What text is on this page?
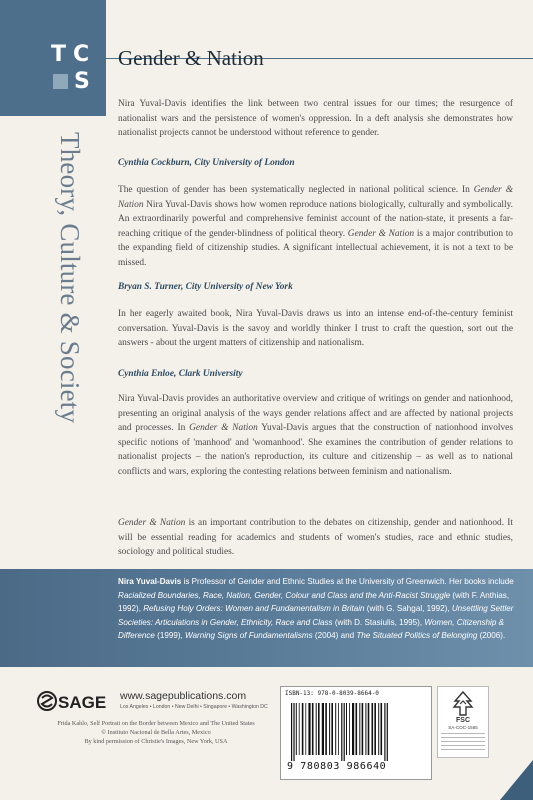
T C
S
Theory, Culture & Society
Gender & Nation

Nira Yuval-Davis identifies the link between two central issues for our times; the resurgence of nationalist wars and the persistence of women's oppression. In a deft analysis she demonstrates how nationalist projects cannot be understood without reference to gender.

Cynthia Cockburn, City University of London

The question of gender has been systematically neglected in national political science. In Gender & Nation Nira Yuval-Davis shows how women reproduce nations biologically, culturally and symbolically. An extraordinarily powerful and comprehensive feminist account of the nation-state, it presents a far-reaching critique of the gender-blindness of political theory. Gender & Nation is a major contribution to the expanding field of citizenship studies. A significant intellectual achievement, it is not a text to be missed.

Bryan S. Turner, City University of New York

In her eagerly awaited book, Nira Yuval-Davis draws us into an intense end-of-the-century feminist conversation. Yuval-Davis is the savoy and worldly thinker I trust to craft the question, sort out the answers - about the urgent matters of citizenship and nationalism.

Cynthia Enloe, Clark University

Nira Yuval-Davis provides an authoritative overview and critique of writings on gender and nationhood, presenting an original analysis of the ways gender relations affect and are affected by national projects and processes. In Gender & Nation Yuval-Davis argues that the construction of nationhood involves specific notions of 'manhood' and 'womanhood'. She examines the contribution of gender relations to nationalist projects – the nation's reproduction, its culture and citizenship – as well as to national conflicts and wars, exploring the contesting relations between feminism and nationalism.

Gender & Nation is an important contribution to the debates on citizenship, gender and nationhood. It will be essential reading for academics and students of women's studies, race and ethnic studies, sociology and political studies.

Nira Yuval-Davis is Professor of Gender and Ethnic Studies at the University of Greenwich. Her books include Racialized Boundaries, Race, Nation, Gender, Colour and Class and the Anti-Racist Struggle (with F. Anthias, 1992), Refusing Holy Orders: Women and Fundamentalism in Britain (with G. Sahgal, 1992), Unsettling Settler Societies: Articulations in Gender, Ethnicity, Race and Class (with D. Stasiulis, 1995), Women, Citizenship & Difference (1999), Warning Signs of Fundamentalisms (2004) and The Situated Politics of Belonging (2006).

SAGE www.sagepublications.com
Los Angeles • London • New Delhi • Singapore • Washington DC

Frida Kahlo, Self Portrait on the Border between Mexico and The United States
© Instituto Nacional de Bella Artes, Mexico
By kind permission of Christie's Images, New York, USA

ISBN-13: 978-0-8039-8664-0
9 780803 986640
FSC
SA-COC-1565
